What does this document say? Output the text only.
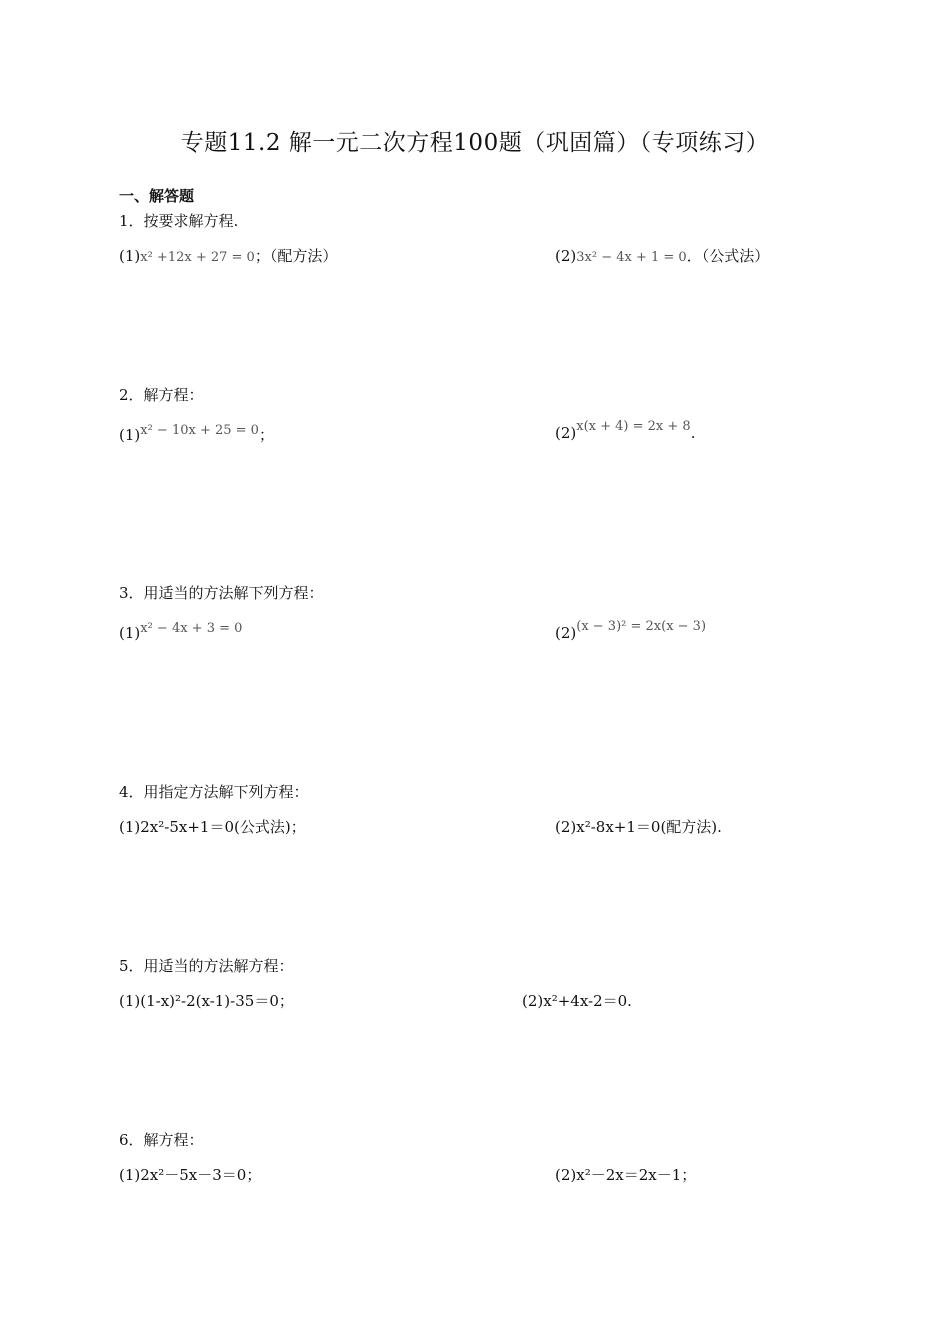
专题11.2 解一元二次方程100题（巩固篇）（专项练习）
一、解答题
1．按要求解方程.
(1)x² +12x + 27 = 0；（配方法）	(2)3x² − 4x + 1 = 0．（公式法）
2．解方程：
(1)x² − 10x + 25 = 0；	(2)x(x + 4) = 2x + 8.
3．用适当的方法解下列方程：
(1)x² − 4x + 3 = 0	(2)(x − 3)² = 2x(x − 3)
4．用指定方法解下列方程：
(1)2x²-5x+1＝0(公式法)；	(2)x²-8x+1＝0(配方法).
5．用适当的方法解方程：
(1)(1-x)²-2(x-1)-35＝0；	(2)x²+4x-2＝0.
6．解方程：
(1)2x²－5x－3＝0；	(2)x²－2x＝2x－1；
